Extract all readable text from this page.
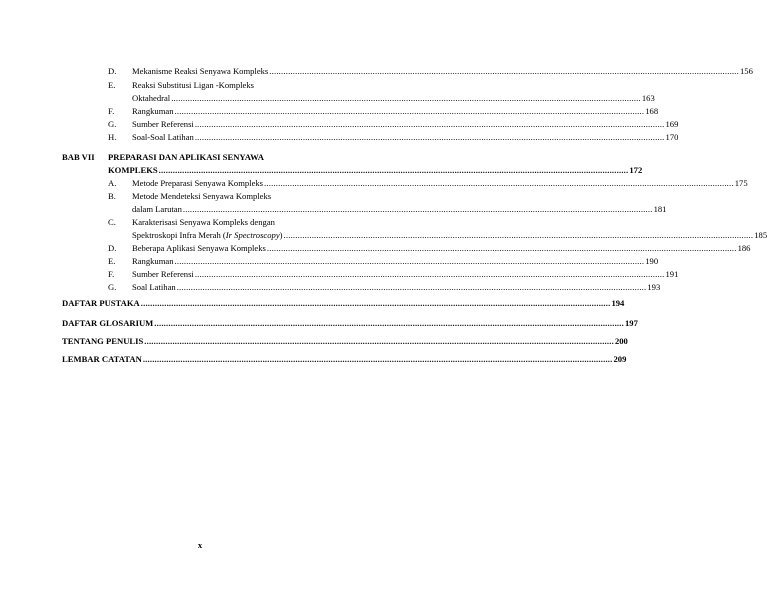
D. Mekanisme Reaksi Senyawa Kompleks ........................................................................................................................................................................................................ 156
E. Reaksi Substitusi Ligan -Kompleks
Oktahedral ........................................................................................................................................................................................................ 163
F. Rangkuman ........................................................................................................................................................................................................ 168
G. Sumber Referensi ........................................................................................................................................................................................................ 169
H. Soal-Soal Latihan ........................................................................................................................................................................................................ 170
BAB VII PREPARASI DAN APLIKASI SENYAWA
KOMPLEKS ........................................................................................................................................................................................................ 172
A. Metode Preparasi Senyawa Kompleks ........................................................................................................................................................................................................ 175
B. Metode Mendeteksi Senyawa Kompleks
dalam Larutan ........................................................................................................................................................................................................ 181
C. Karakterisasi Senyawa Kompleks dengan
Spektroskopi Infra Merah (Ir Spectroscopy) ........................................................................................................................................................................................................ 185
D. Beberapa Aplikasi Senyawa Kompleks ........................................................................................................................................................................................................ 186
E. Rangkuman ........................................................................................................................................................................................................ 190
F. Sumber Referensi ........................................................................................................................................................................................................ 191
G. Soal Latihan ........................................................................................................................................................................................................ 193
DAFTAR PUSTAKA ........................................................................................................................................................................................................ 194
DAFTAR GLOSARIUM ........................................................................................................................................................................................................ 197
TENTANG PENULIS ........................................................................................................................................................................................................ 200
LEMBAR CATATAN ........................................................................................................................................................................................................ 209
x
